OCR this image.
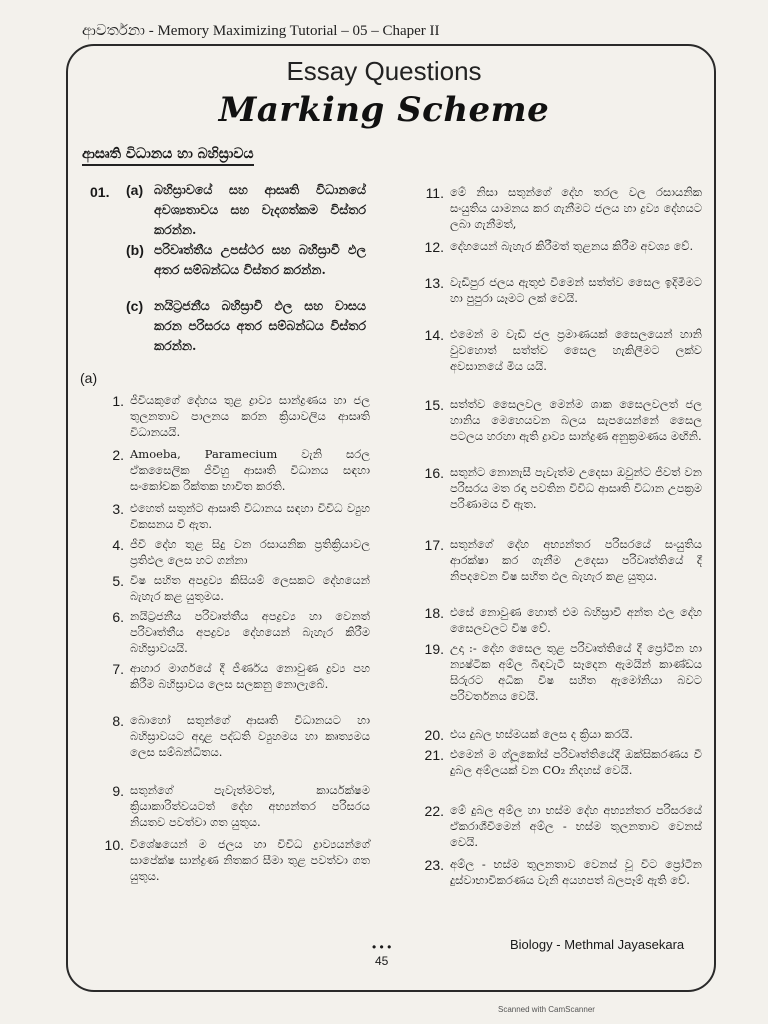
ආවර්තනා - Memory Maximizing Tutorial – 05 – Chaper II
Essay Questions
Marking Scheme
ආසෘති විධානය හා බහිස්‍රාවය
01. (a) බහිස්‍රාවයේ සහ ආසෘති විධානයේ අවශ්‍යතාවය සහ වැදගත්කම විස්තර කරන්න.
(b) පරිවෘත්තීය උපස්ථර සහ බහිස්‍රාවී ඵල අතර සම්බන්ධය විස්තර කරන්න.
(c) නයිට්‍රජනීය බහිස්‍රාවී ඵල සහ වාසය කරන පරිසරය අතර සම්බන්ධය විස්තර කරන්න.
(a)
1. ජීවියකුගේ දේහය තුළ ද්‍රාව්‍ය සාන්ද්‍රණය හා ජල තුලනතාව පාලනය කරන ක්‍රියාවලිය ආසෘති විධානයයි.
2. Amoeba, Paramecium වැනි සරල ඒකසෛලික ජීවීහු ආසෘති විධානය සඳහා සංකෝචක රික්තක භාවිත කරති.
3. එහෙත් සතුන්ට ආසෘති විධානය සඳහා විවිධ ව්‍යුහ විකසනය වී ඇත.
4. ජීවී දේහ තුළ සිදු වන රසායනික ප්‍රතික්‍රියාවල ප්‍රතිඵල ලෙස හට ගන්නා
5. විෂ සහිත අපද්‍රව්‍ය කිසියම් ලෙසකට දේහයෙන් බැහැර කළ යුතුමය.
6. නයිට්‍රජනීය පරිවෘත්තීය අපද්‍රව්‍ය හා වෙනත් පරිවෘත්තීය අපද්‍රව්‍ය දේහයෙන් බැහැර කිරීම බහිස්‍රාවයයි.
7. ආහාර මාර්ගයේ දී ජීර්ණය නොවුණ ද්‍රව්‍ය පහ කිරීම බහිස්‍රාවය ලෙස සලකනු නොලැබේ.
8. බොහෝ සතුන්ගේ ආසෘති විධානයට හා බහිස්‍රාවයට අදාළ පද්ධති ව්‍යුහමය හා කෘත්‍යමය ලෙස සම්බන්ධිතය.
9. සතුන්ගේ පැවැත්මටත්, කාර්යක්ෂම ක්‍රියාකාරිත්වයටත් දේහ අභ්‍යන්තර පරිසරය නියතව පවත්වා ගත යුතුය.
10. විශේෂයෙන් ම ජලය හා විවිධ ද්‍රාව්‍යයන්ගේ සාපේක්ෂ සාන්ද්‍රණ නිතකර සීමා තුළ පවත්වා ගත යුතුය.
11. මේ නිසා සතුන්ගේ දේහ තරල වල රසායනික සංයුතිය යාමනය කර ගැනීමට ජලය හා ද්‍රව්‍ය දේහයට ලබා ගැනීමත්,
12. දේහයෙන් බැහැර කිරීමත් තුළනය කිරීම අවශ්‍ය වේ.
13. වැඩිපුර ජලය ඇතුළු වීමෙන් සත්ත්ව සෛල ඉදිමීමට හා පුපුරා යෑමට ලක් වෙයි.
14. එමෙන් ම වැඩි ජල ප්‍රමාණයක් සෛලයෙන් හානි වුවහොත් සත්ත්ව සෛල හැකිලීමට ලක්ව අවසානයේ මිය යයි.
15. සත්ත්ව සෛලවල මෙන්ම ශාක සෛලවලත් ජල හානිය මෙහෙයවන බලය සැපයෙන්නේ සෛල පටලය හරහා ඇති ද්‍රාව්‍ය සාන්ද්‍රණ අනුක්‍රමණය මඟිනි.
16. සතුන්ට නොනැසී පැවැත්ම උදෙසා ඔවුන්ට ජීවත් වන පරිසරය මත රඳා පවතින විවිධ ආසෘති විධාන උපක්‍රම පරිණාමය වී ඇත.
17. සතුන්ගේ දේහ අභ්‍යන්තර පරිසරයේ සංයුතිය ආරක්ෂා කර ගැනීම උදෙසා පරිවෘත්තියේ දී නිපදවෙන විෂ සහිත ඵල බැහැර කළ යුතුය.
18. එසේ නොවුණ හොත් එම බහිස්‍රාවී අන්ත ඵල දේහ සෛලවලට විෂ වේ.
19. උදා :- දේහ සෛල තුළ පරිවෘත්තියේ දී ප්‍රෝටීන හා න්‍යෂ්ටික අම්ල බිඳවැටී සෑදෙන ඇමයින් කාණ්ඩය සිරුරට අධික විෂ සහිත ඇමෝනියා බවට පරිවර්තනය වෙයි.
20. එය දුබල භස්මයක් ලෙස ද ක්‍රියා කරයි.
21. එමෙන් ම ග්ලූකෝස් පරිවෘත්තියේදී ඔක්සිකරණය වී දුබල අම්ලයක් වන CO₂ නිදහස් වෙයි.
22. මේ දුබල අම්ල හා භස්ම දේහ අභ්‍යන්තර පරිසරයේ ඒකරාශීවීමෙන් අම්ල - භස්ම තුලනතාව වෙනස් වෙයි.
23. අම්ල - භස්ම තුලනතාව වෙනස් වූ විට ප්‍රෝටීන දුස්වාභාවිකරණය වැනි අයහපත් බලපෑම් ඇති වේ.
• • •
45
Biology - Methmal Jayasekara
Scanned with CamScanner
